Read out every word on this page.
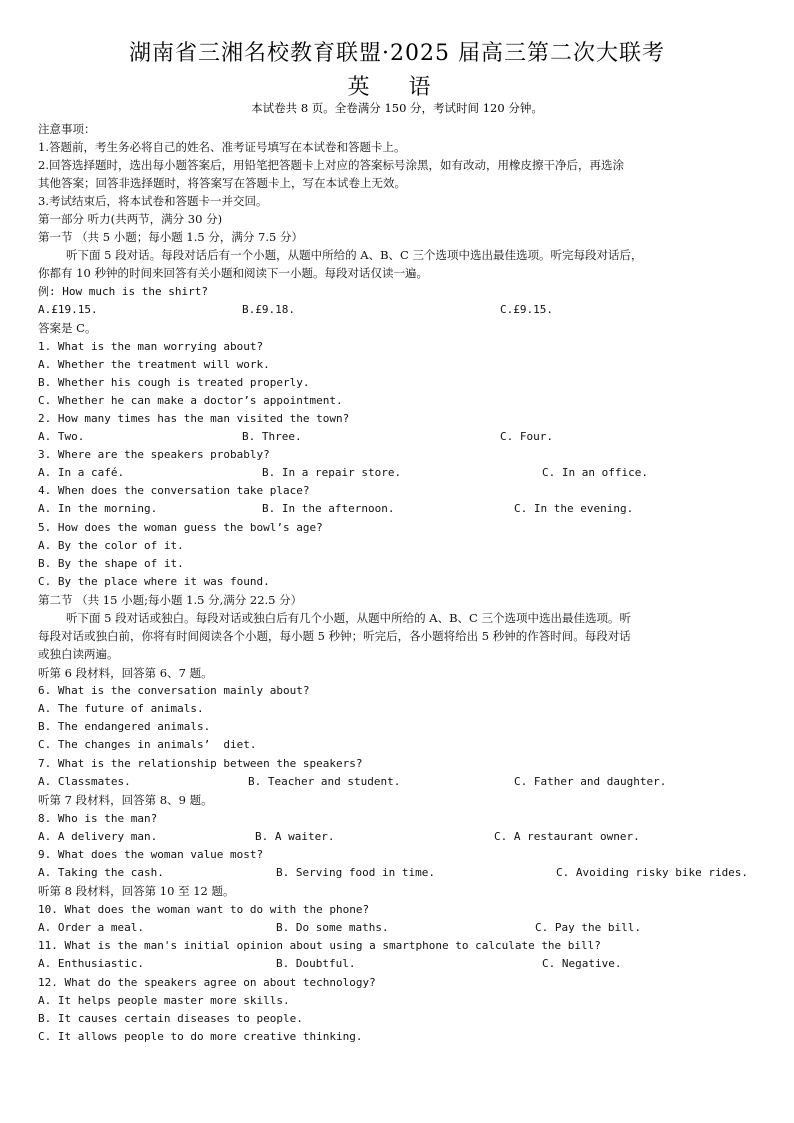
湖南省三湘名校教育联盟·2025 届高三第二次大联考
英 语
本试卷共 8 页。全卷满分 150 分，考试时间 120 分钟。
注意事项：
1.答题前，考生务必将自己的姓名、准考证号填写在本试卷和答题卡上。
2.回答选择题时，选出每小题答案后，用铅笔把答题卡上对应的答案标号涂黑，如有改动，用橡皮擦干净后，再选涂
其他答案；回答非选择题时，将答案写在答题卡上，写在本试卷上无效。
3.考试结束后，将本试卷和答题卡一并交回。
第一部分 听力(共两节，满分 30 分)
第一节 （共 5 小题；每小题 1.5 分，满分 7.5 分）
听下面 5 段对话。每段对话后有一个小题，从题中所给的 A、B、C 三个选项中选出最佳选项。听完每段对话后，
你都有 10 秒钟的时间来回答有关小题和阅读下一小题。每段对话仅读一遍。
例: How much is the shirt?
A.£19.15.	B.£9.18.	C.£9.15.
答案是 C。
1. What is the man worrying about?
A. Whether the treatment will work.
B. Whether his cough is treated properly.
C. Whether he can make a doctor’s appointment.
2. How many times has the man visited the town?
A. Two.	B. Three.	C. Four.
3. Where are the speakers probably?
A. In a café.	B. In a repair store.	C. In an office.
4. When does the conversation take place?
A. In the morning.	B. In the afternoon.	C. In the evening.
5. How does the woman guess the bowl’s age?
A. By the color of it.
B. By the shape of it.
C. By the place where it was found.
第二节 （共 15 小题;每小题 1.5 分,满分 22.5 分）
听下面 5 段对话或独白。每段对话或独白后有几个小题，从题中所给的 A、B、C 三个选项中选出最佳选项。听
每段对话或独白前，你将有时间阅读各个小题，每小题 5 秒钟；听完后，各小题将给出 5 秒钟的作答时间。每段对话
或独白读两遍。
听第 6 段材料，回答第 6、7 题。
6. What is the conversation mainly about?
A. The future of animals.
B. The endangered animals.
C. The changes in animals’  diet.
7. What is the relationship between the speakers?
A. Classmates.	B. Teacher and student.	C. Father and daughter.
听第 7 段材料，回答第 8、9 题。
8. Who is the man?
A. A delivery man.	B. A waiter.	C. A restaurant owner.
9. What does the woman value most?
A. Taking the cash.	B. Serving food in time.	C. Avoiding risky bike rides.
听第 8 段材料，回答第 10 至 12 题。
10. What does the woman want to do with the phone?
A. Order a meal.	B. Do some maths.	C. Pay the bill.
11. What is the man's initial opinion about using a smartphone to calculate the bill?
A. Enthusiastic.	B. Doubtful.	C. Negative.
12. What do the speakers agree on about technology?
A. It helps people master more skills.
B. It causes certain diseases to people.
C. It allows people to do more creative thinking.
